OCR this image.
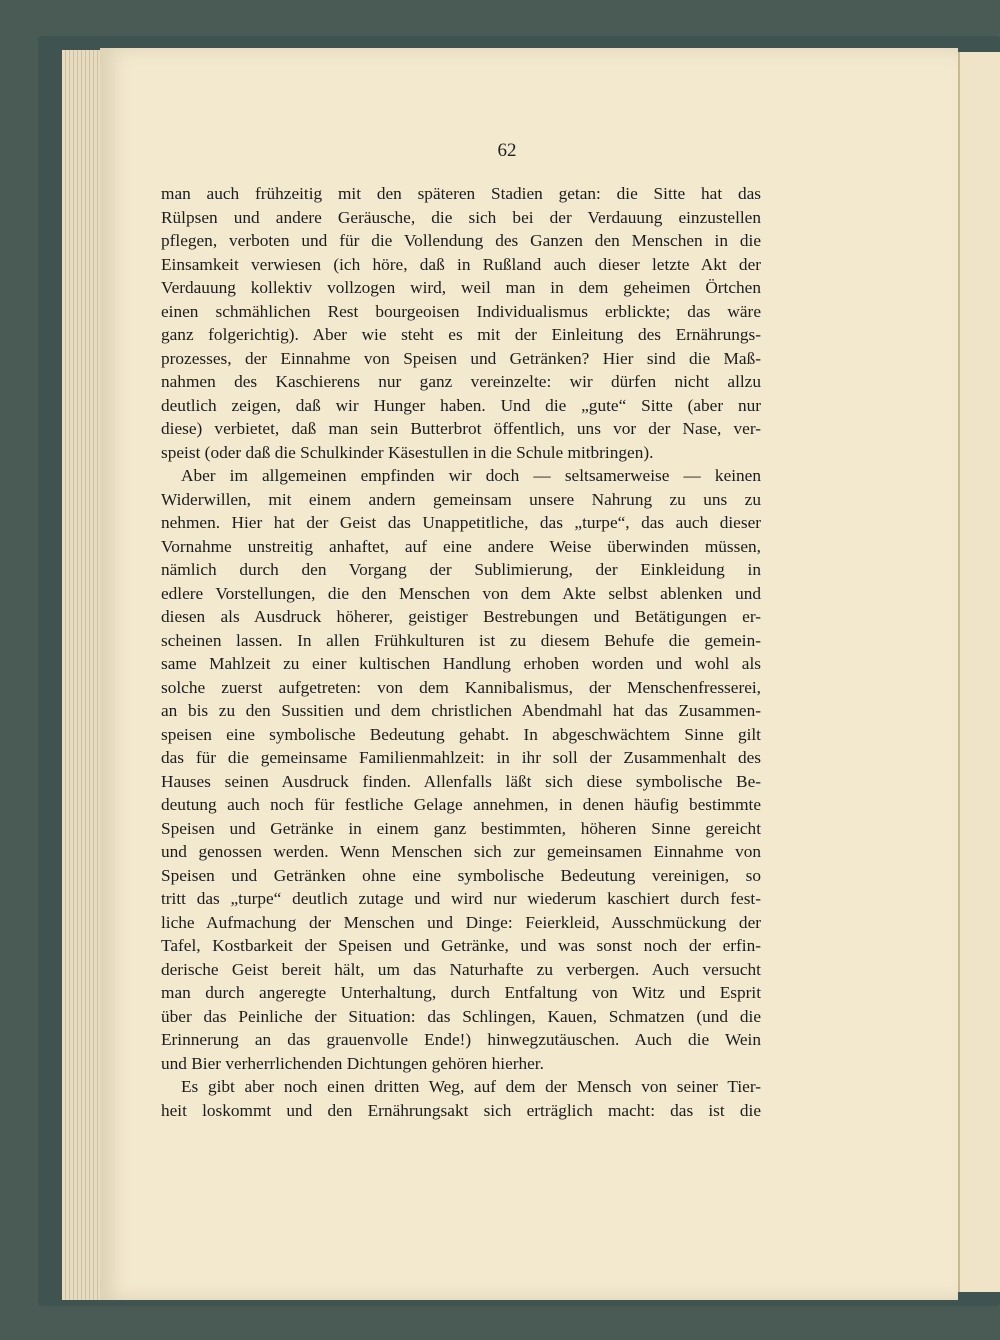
62

man auch frühzeitig mit den späteren Stadien getan: die Sitte hat das
Rülpsen und andere Geräusche, die sich bei der Verdauung einzustellen
pflegen, verboten und für die Vollendung des Ganzen den Menschen in die
Einsamkeit verwiesen (ich höre, daß in Rußland auch dieser letzte Akt der
Verdauung kollektiv vollzogen wird, weil man in dem geheimen Örtchen
einen schmählichen Rest bourgeoisen Individualismus erblickte; das wäre
ganz folgerichtig). Aber wie steht es mit der Einleitung des Ernährungs-
prozesses, der Einnahme von Speisen und Getränken? Hier sind die Maß-
nahmen des Kaschierens nur ganz vereinzelte: wir dürfen nicht allzu
deutlich zeigen, daß wir Hunger haben. Und die „gute“ Sitte (aber nur
diese) verbietet, daß man sein Butterbrot öffentlich, uns vor der Nase, ver-
speist (oder daß die Schulkinder Käsestullen in die Schule mitbringen).

Aber im allgemeinen empfinden wir doch — seltsamerweise — keinen
Widerwillen, mit einem andern gemeinsam unsere Nahrung zu uns zu
nehmen. Hier hat der Geist das Unappetitliche, das „turpe“, das auch dieser
Vornahme unstreitig anhaftet, auf eine andere Weise überwinden müssen,
nämlich durch den Vorgang der Sublimierung, der Einkleidung in
edlere Vorstellungen, die den Menschen von dem Akte selbst ablenken und
diesen als Ausdruck höherer, geistiger Bestrebungen und Betätigungen er-
scheinen lassen. In allen Frühkulturen ist zu diesem Behufe die gemein-
same Mahlzeit zu einer kultischen Handlung erhoben worden und wohl als
solche zuerst aufgetreten: von dem Kannibalismus, der Menschenfresserei,
an bis zu den Sussitien und dem christlichen Abendmahl hat das Zusammen-
speisen eine symbolische Bedeutung gehabt. In abgeschwächtem Sinne gilt
das für die gemeinsame Familienmahlzeit: in ihr soll der Zusammenhalt des
Hauses seinen Ausdruck finden. Allenfalls läßt sich diese symbolische Be-
deutung auch noch für festliche Gelage annehmen, in denen häufig bestimmte
Speisen und Getränke in einem ganz bestimmten, höheren Sinne gereicht
und genossen werden. Wenn Menschen sich zur gemeinsamen Einnahme von
Speisen und Getränken ohne eine symbolische Bedeutung vereinigen, so
tritt das „turpe“ deutlich zutage und wird nur wiederum kaschiert durch fest-
liche Aufmachung der Menschen und Dinge: Feierkleid, Ausschmückung der
Tafel, Kostbarkeit der Speisen und Getränke, und was sonst noch der erfin-
derische Geist bereit hält, um das Naturhafte zu verbergen. Auch versucht
man durch angeregte Unterhaltung, durch Entfaltung von Witz und Esprit
über das Peinliche der Situation: das Schlingen, Kauen, Schmatzen (und die
Erinnerung an das grauenvolle Ende!) hinwegzutäuschen. Auch die Wein
und Bier verherrlichenden Dichtungen gehören hierher.

Es gibt aber noch einen dritten Weg, auf dem der Mensch von seiner Tier-
heit loskommt und den Ernährungsakt sich erträglich macht: das ist die
